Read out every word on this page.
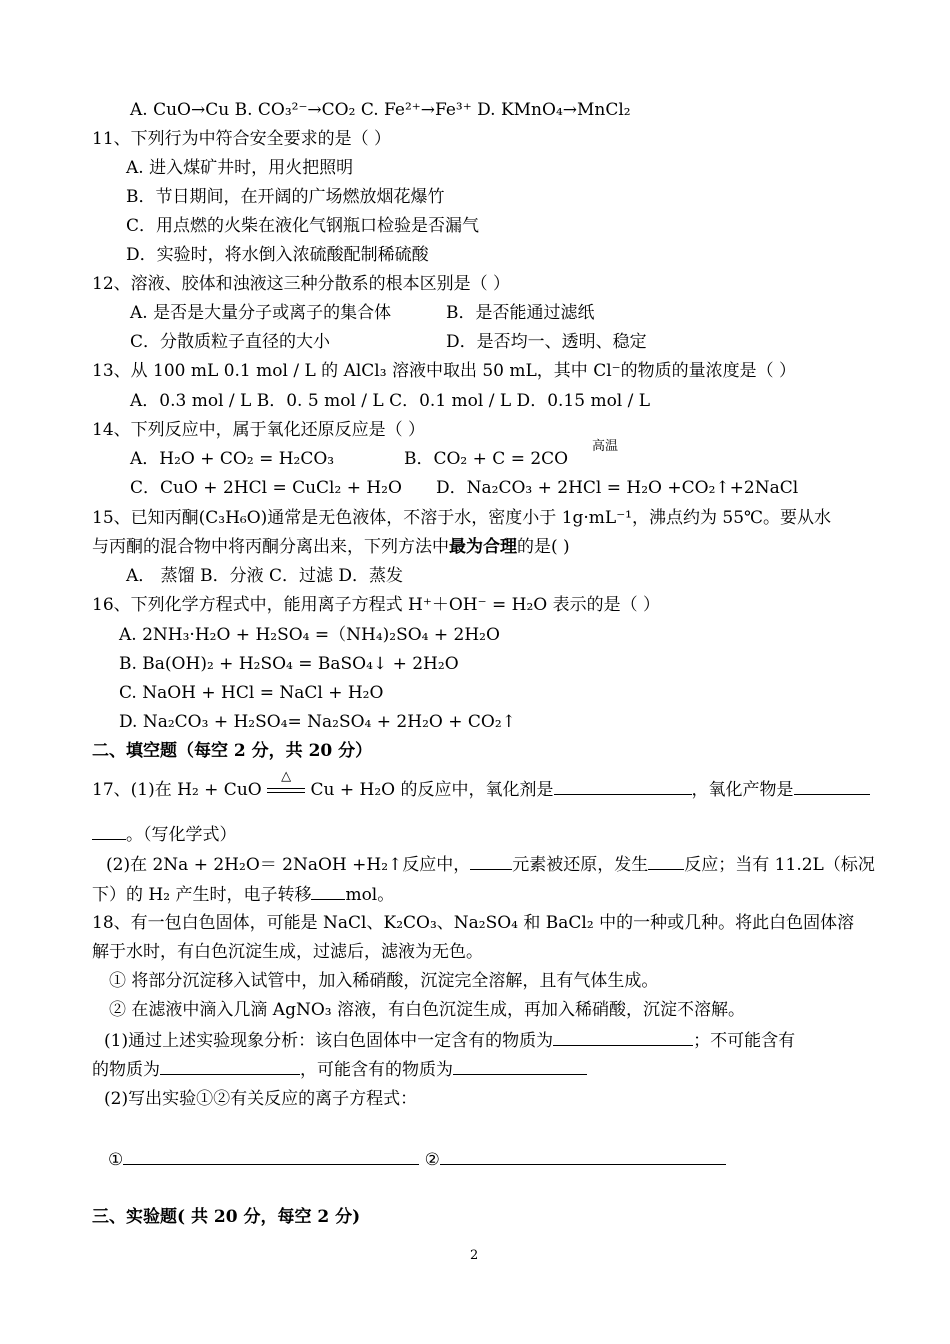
A. CuO→Cu B. CO₃²⁻→CO₂ C. Fe²⁺→Fe³⁺ D. KMnO₄→MnCl₂
11、下列行为中符合安全要求的是（ ）
A. 进入煤矿井时，用火把照明
B．节日期间，在开阔的广场燃放烟花爆竹
C．用点燃的火柴在液化气钢瓶口检验是否漏气
D．实验时，将水倒入浓硫酸配制稀硫酸
12、溶液、胶体和浊液这三种分散系的根本区别是（ ）
A. 是否是大量分子或离子的集合体	B．是否能通过滤纸
C．分散质粒子直径的大小	D．是否均一、透明、稳定
13、从 100 mL 0.1 mol / L 的 AlCl₃ 溶液中取出 50 mL，其中 Cl⁻的物质的量浓度是（ ）
A．0.3 mol / L B．0. 5 mol / L C．0.1 mol / L D．0.15 mol / L
14、下列反应中，属于氧化还原反应是（ ）
高温
A．H₂O + CO₂ = H₂CO₃	B．CO₂ + C = 2CO
C．CuO + 2HCl = CuCl₂ + H₂O D．Na₂CO₃ + 2HCl = H₂O +CO₂↑+2NaCl
15、已知丙酮(C₃H₆O)通常是无色液体，不溶于水，密度小于 1g·mL⁻¹，沸点约为 55℃。要从水
与丙酮的混合物中将丙酮分离出来，下列方法中最为合理的是( )
A． 蒸馏 B．分液 C．过滤 D．蒸发
16、下列化学方程式中，能用离子方程式 H⁺＋OH⁻ = H₂O 表示的是（ ）
A. 2NH₃·H₂O + H₂SO₄ =（NH₄)₂SO₄ + 2H₂O
B. Ba(OH)₂ + H₂SO₄ = BaSO₄↓ + 2H₂O
C. NaOH + HCl = NaCl + H₂O
D. Na₂CO₃ + H₂SO₄= Na₂SO₄ + 2H₂O + CO₂↑
二、填空题（每空 2 分，共 20 分）
17、(1)在 H₂ + CuO
△
Cu + H₂O 的反应中，氧化剂是	，氧化产物是
。（写化学式）
(2)在 2Na + 2H₂O＝ 2NaOH +H₂↑反应中， 元素被还原，发生 反应；当有 11.2L（标况
下）的 H₂ 产生时，电子转移 mol。
18、有一包白色固体，可能是 NaCl、K₂CO₃、Na₂SO₄ 和 BaCl₂ 中的一种或几种。将此白色固体溶
解于水时，有白色沉淀生成，过滤后，滤液为无色。
① 将部分沉淀移入试管中，加入稀硝酸，沉淀完全溶解，且有气体生成。
② 在滤液中滴入几滴 AgNO₃ 溶液，有白色沉淀生成，再加入稀硝酸，沉淀不溶解。
(1)通过上述实验现象分析：该白色固体中一定含有的物质为	；不可能含有
的物质为	，可能含有的物质为
(2)写出实验①②有关反应的离子方程式：
①	②
三、实验题( 共 20 分，每空 2 分)
2
